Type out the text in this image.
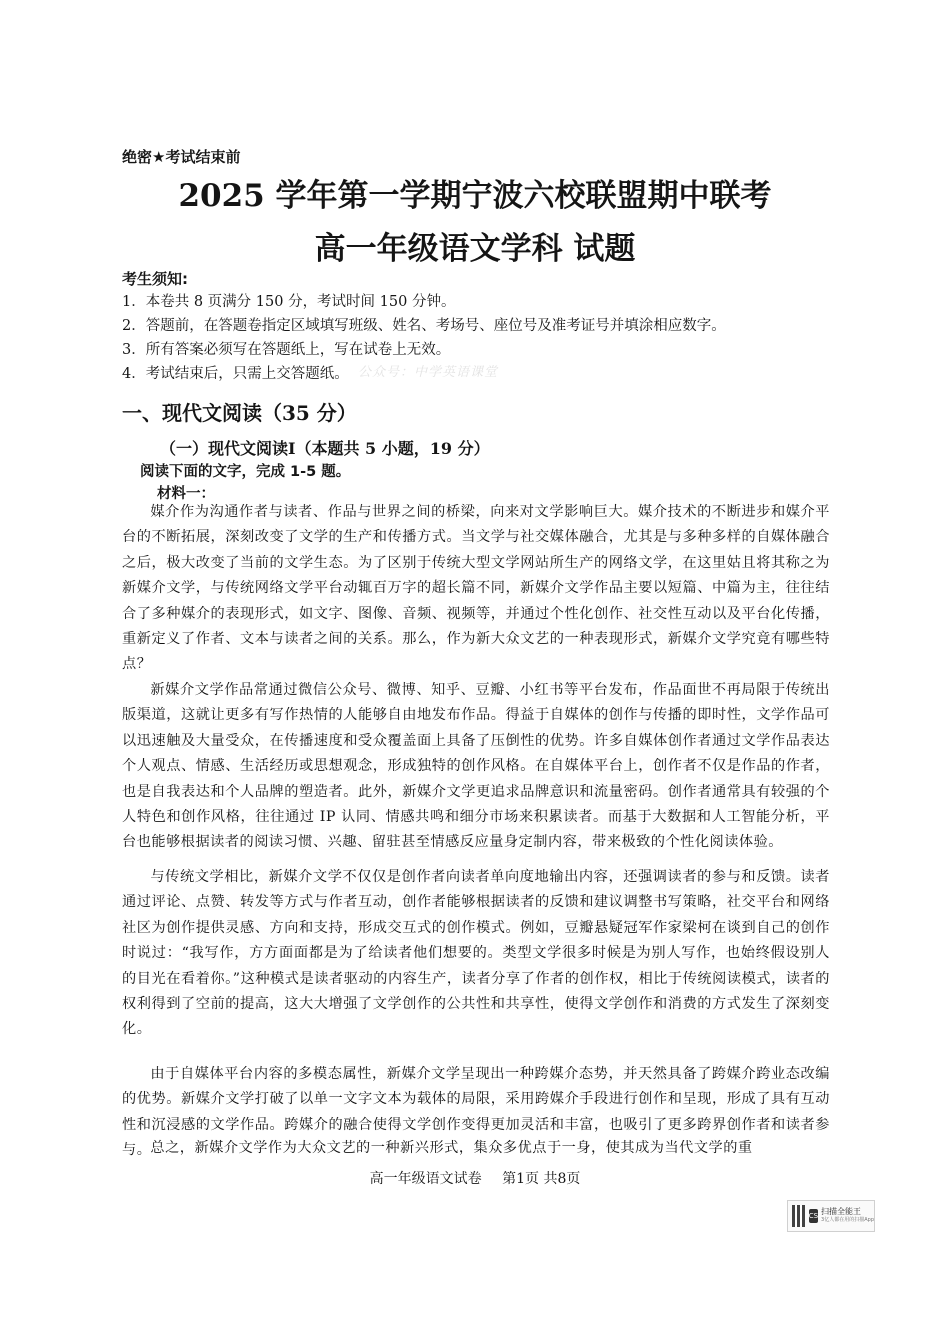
绝密★考试结束前
2025 学年第一学期宁波六校联盟期中联考
高一年级语文学科 试题
考生须知:
1．本卷共 8 页满分 150 分，考试时间 150 分钟。
2．答题前，在答题卷指定区域填写班级、姓名、考场号、座位号及准考证号并填涂相应数字。
3．所有答案必须写在答题纸上，写在试卷上无效。
4．考试结束后，只需上交答题纸。 公众号：中学英语课堂
一、现代文阅读（35 分）
（一）现代文阅读Ⅰ（本题共 5 小题，19 分）
阅读下面的文字，完成 1-5 题。
材料一：
媒介作为沟通作者与读者、作品与世界之间的桥梁，向来对文学影响巨大。媒介技术的不断进步和媒介平台的不断拓展，深刻改变了文学的生产和传播方式。当文学与社交媒体融合，尤其是与多种多样的自媒体融合之后，极大改变了当前的文学生态。为了区别于传统大型文学网站所生产的网络文学，在这里姑且将其称之为新媒介文学，与传统网络文学平台动辄百万字的超长篇不同，新媒介文学作品主要以短篇、中篇为主，往往结合了多种媒介的表现形式，如文字、图像、音频、视频等，并通过个性化创作、社交性互动以及平台化传播，重新定义了作者、文本与读者之间的关系。那么，作为新大众文艺的一种表现形式，新媒介文学究竟有哪些特点？
新媒介文学作品常通过微信公众号、微博、知乎、豆瓣、小红书等平台发布，作品面世不再局限于传统出版渠道，这就让更多有写作热情的人能够自由地发布作品。得益于自媒体的创作与传播的即时性，文学作品可以迅速触及大量受众，在传播速度和受众覆盖面上具备了压倒性的优势。许多自媒体创作者通过文学作品表达个人观点、情感、生活经历或思想观念，形成独特的创作风格。在自媒体平台上，创作者不仅是作品的作者，也是自我表达和个人品牌的塑造者。此外，新媒介文学更追求品牌意识和流量密码。创作者通常具有较强的个人特色和创作风格，往往通过 IP 认同、情感共鸣和细分市场来积累读者。而基于大数据和人工智能分析，平台也能够根据读者的阅读习惯、兴趣、留驻甚至情感反应量身定制内容，带来极致的个性化阅读体验。
与传统文学相比，新媒介文学不仅仅是创作者向读者单向度地输出内容，还强调读者的参与和反馈。读者通过评论、点赞、转发等方式与作者互动，创作者能够根据读者的反馈和建议调整书写策略，社交平台和网络社区为创作提供灵感、方向和支持，形成交互式的创作模式。例如，豆瓣悬疑冠军作家梁柯在谈到自己的创作时说过：“我写作，方方面面都是为了给读者他们想要的。类型文学很多时候是为别人写作，也始终假设别人的目光在看着你。”这种模式是读者驱动的内容生产，读者分享了作者的创作权，相比于传统阅读模式，读者的权利得到了空前的提高，这大大增强了文学创作的公共性和共享性，使得文学创作和消费的方式发生了深刻变化。
由于自媒体平台内容的多模态属性，新媒介文学呈现出一种跨媒介态势，并天然具备了跨媒介跨业态改编的优势。新媒介文学打破了以单一文字文本为载体的局限，采用跨媒介手段进行创作和呈现，形成了具有互动性和沉浸感的文学作品。跨媒介的融合使得文学创作变得更加灵活和丰富，也吸引了更多跨界创作者和读者参与。 总之，新媒介文学作为大众文艺的一种新兴形式，集众多优点于一身，使其成为当代文学的重
高一年级语文试卷 第1页 共8页
CS 扫描全能王
3亿人都在用的扫描App
